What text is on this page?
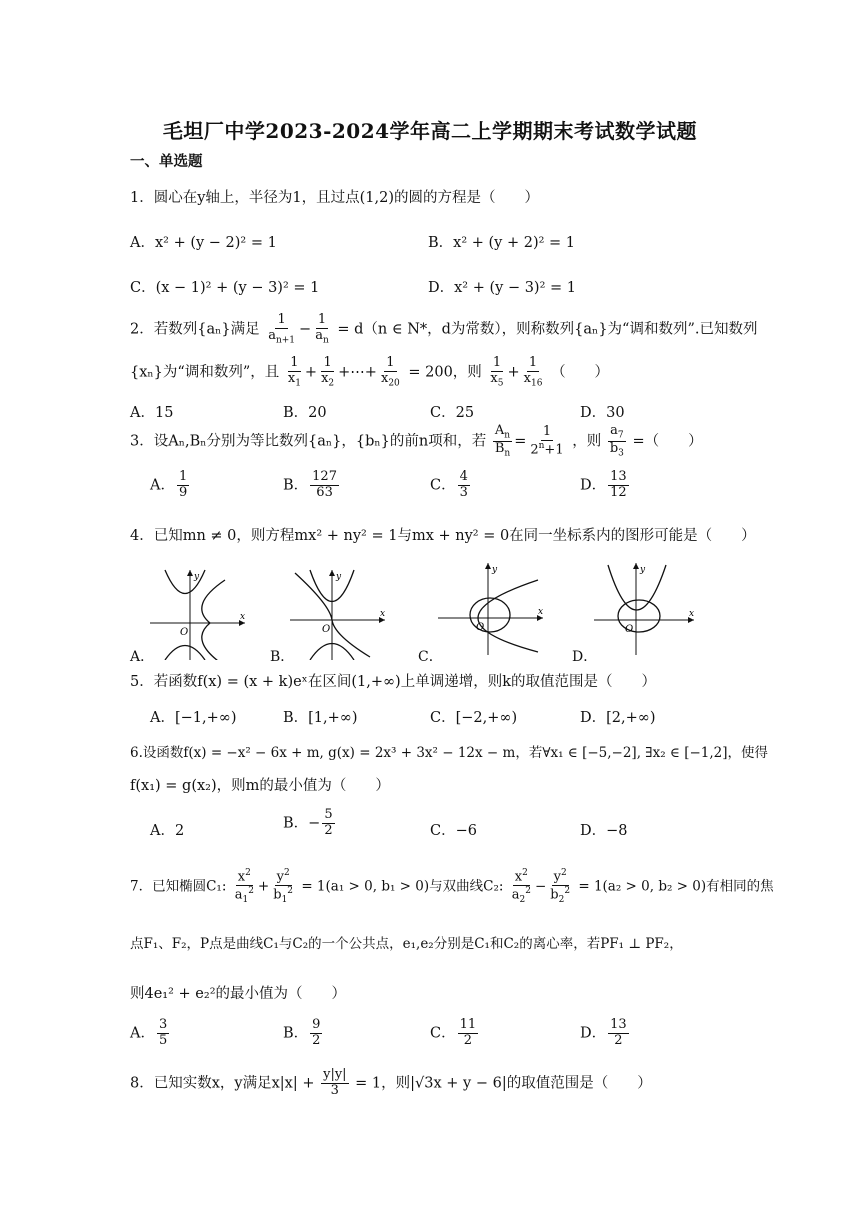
毛坦厂中学2023-2024学年高二上学期期末考试数学试题
一、单选题
1．圆心在y轴上，半径为1，且过点(1,2)的圆的方程是（　　）
A．x² + (y − 2)² = 1	B．x² + (y + 2)² = 1
C．(x − 1)² + (y − 3)² = 1	D．x² + (y − 3)² = 1
2．若数列{aₙ}满足 $\frac{1}{a_{n+1}} - \frac{1}{a_n} = d(n$ ∈ N*，d为常数），则称数列{aₙ}为“调和数列”.已知数列
{xₙ}为“调和数列”，且 $\frac{1}{x_1} + \frac{1}{x_2}$ +⋯+ $\frac{1}{x_{20}} = 200$，则 $\frac{1}{x_5} + \frac{1}{x_{16}}$ （　　）
A．15	B．20	C．25	D．30
3．设Aₙ,Bₙ分别为等比数列{aₙ}，{bₙ}的前n项和，若 $\frac{A_n}{B_n} = \frac{1}{2^n+1}$ ，则 $\frac{a_7}{b_3}$ =（　　）
A． $\frac{1}{9}$	B． $\frac{127}{63}$	C． $\frac{4}{3}$	D． $\frac{13}{12}$
4．已知mn ≠ 0，则方程mx² + ny² = 1与mx + ny² = 0在同一坐标系内的图形可能是（　　）
y
x
O
A．
y
x
O
B．
y
x
O
C．
y
x
O
D．
5．若函数f(x) = (x + k)eˣ在区间(1,+∞)上单调递增，则k的取值范围是（　　）
A．[−1,+∞)	B．[1,+∞)	C．[−2,+∞)	D．[2,+∞)
6.设函数f(x) = −x² − 6x + m, g(x) = 2x³ + 3x² − 12x − m，若∀x₁ ∈ [−5,−2], ∃x₂ ∈ [−1,2]，使得
f(x₁) = g(x₂)，则m的最小值为（　　）
A．2	B．− $\frac{5}{2}$	C．−6	D．−8
7．已知椭圆C₁: $\frac{x^2}{a_1^2} + \frac{y^2}{b_1^2} = 1(a_1 > 0$, b₁ > 0)与双曲线C₂: $\frac{x^2}{a_2^2} - \frac{y^2}{b_2^2} = 1(a_2 > 0$, b₂ > 0)有相同的焦
点F₁、F₂，P点是曲线C₁与C₂的一个公共点，e₁,e₂分别是C₁和C₂的离心率，若PF₁ ⊥ PF₂，
则4e₁² + e₂²的最小值为（　　）
A． $\frac{3}{5}$	B． $\frac{9}{2}$	C． $\frac{11}{2}$	D． $\frac{13}{2}$
8．已知实数x，y满足$x|x| + \frac{y|y|}{3} = 1$，则|√3x + y − 6|的取值范围是（　　）
